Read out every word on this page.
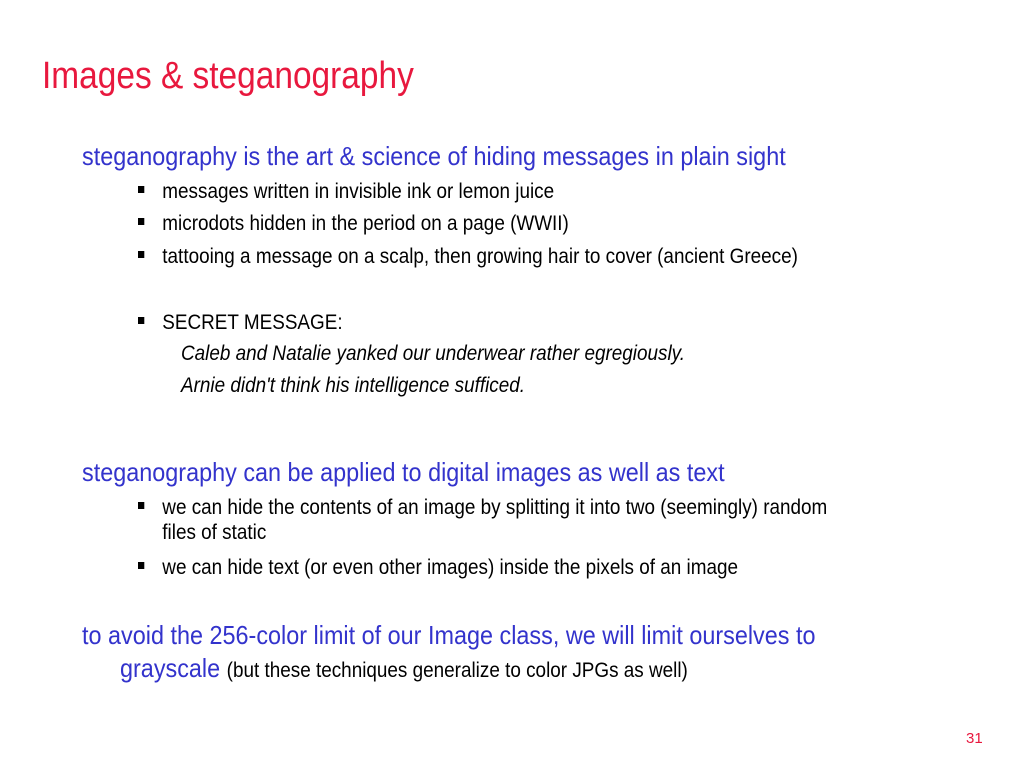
Images & steganography
steganography is the art & science of hiding messages in plain sight
messages written in invisible ink or lemon juice
microdots hidden in the period on a page (WWII)
tattooing a message on a scalp, then growing hair to cover (ancient Greece)
SECRET MESSAGE:
Caleb and Natalie yanked our underwear rather egregiously.
Arnie didn't think his intelligence sufficed.
steganography can be applied to digital images as well as text
we can hide the contents of an image by splitting it into two (seemingly) random
files of static
we can hide text (or even other images) inside the pixels of an image
to avoid the 256-color limit of our Image class, we will limit ourselves to
grayscale (but these techniques generalize to color JPGs as well)
31
